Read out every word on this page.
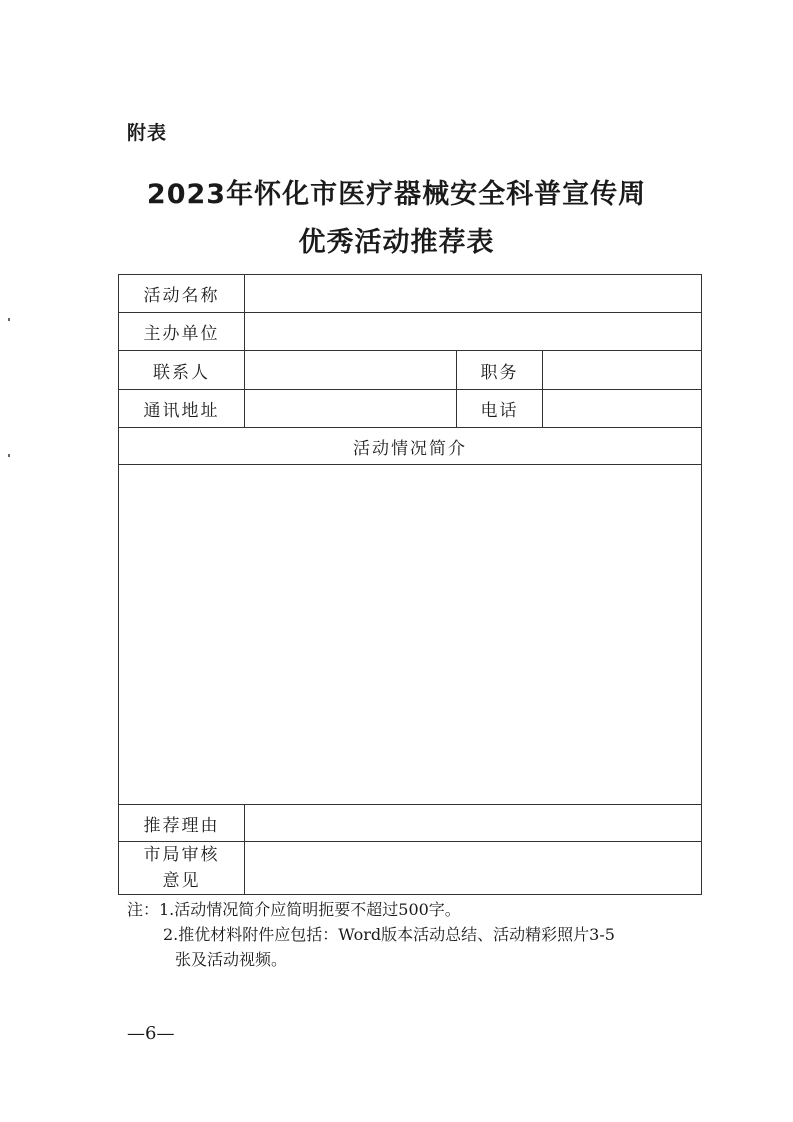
附表
2023年怀化市医疗器械安全科普宣传周
优秀活动推荐表
活动名称			
主办单位			
联系人		职务	
通讯地址		电话	
活动情况简介			

推荐理由			

市局审核
意见			

注：1.活动情况简介应简明扼要不超过500字。
2.推优材料附件应包括：Word版本活动总结、活动精彩照片3-5
张及活动视频。
—6—
